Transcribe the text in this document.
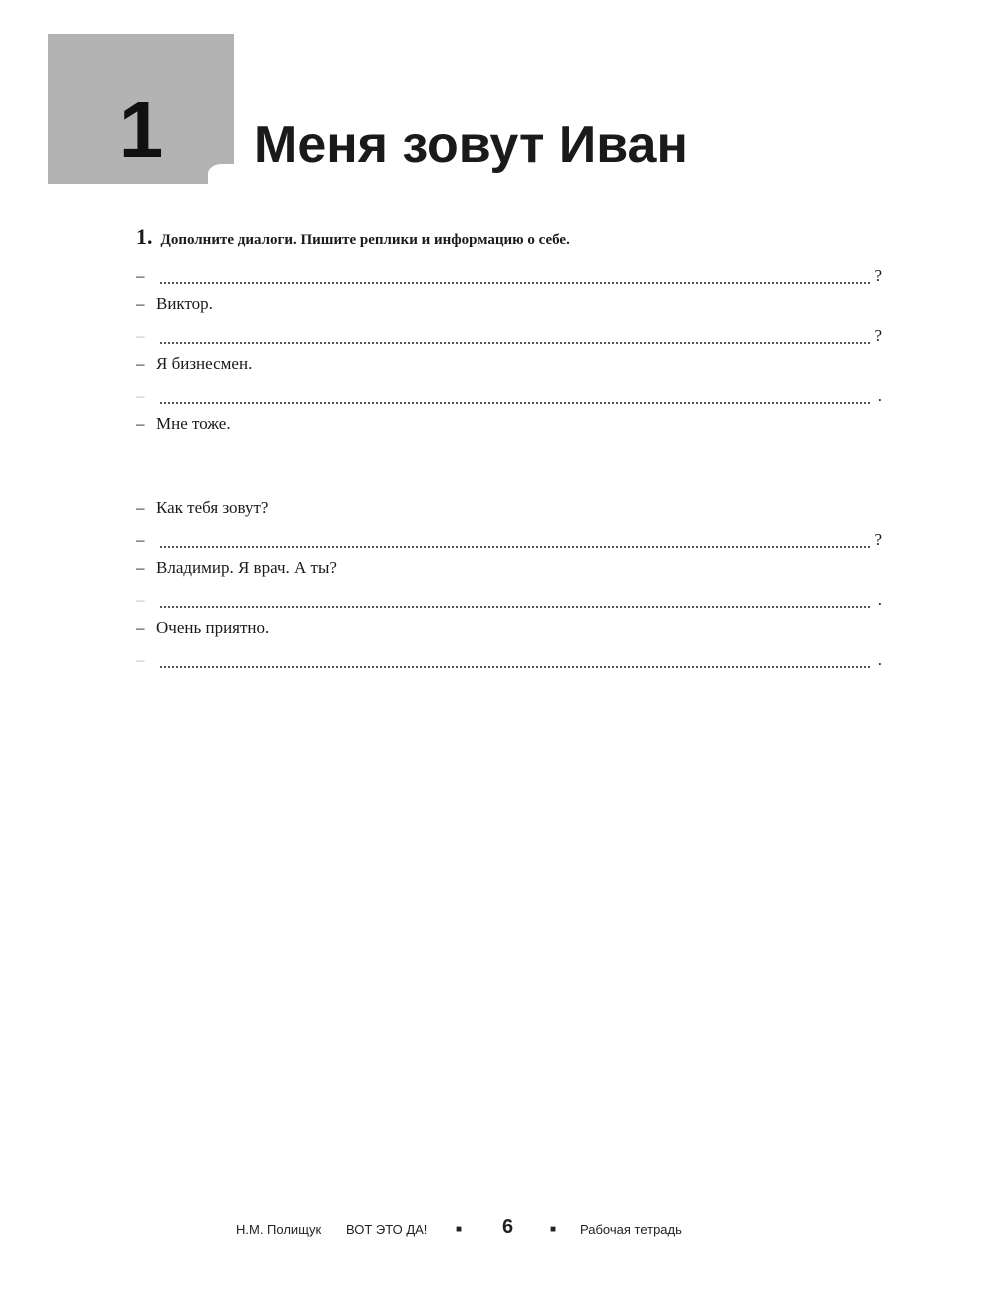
1	Меня зовут Иван
1. Дополните диалоги. Пишите реплики и информацию о себе.
–	?
– Виктор.
–	?
– Я бизнесмен.
–	.
– Мне тоже.
– Как тебя зовут?
–	?
– Владимир. Я врач. А ты?
–	.
– Очень приятно.
–	.
Н.М. Полищук ВОТ ЭТО ДА!	■ 6	■ Рабочая тетрадь
